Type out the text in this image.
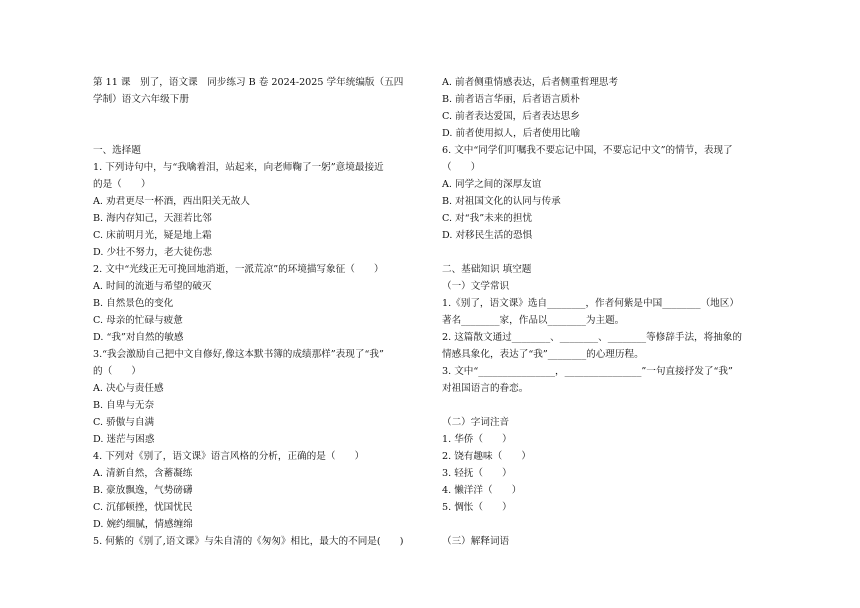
第 11 课　别了，语文课　同步练习 B 卷 2024-2025 学年统编版（五四
学制）语文六年级下册
一、选择题
1. 下列诗句中，与“我噙着泪，站起来，向老师鞠了一躬”意境最接近
的是（　　）
A. 劝君更尽一杯酒，西出阳关无故人
B. 海内存知己，天涯若比邻
C. 床前明月光，疑是地上霜
D. 少壮不努力，老大徒伤悲
2. 文中“光线正无可挽回地消逝，一派荒凉”的环境描写象征（　　）
A. 时间的流逝与希望的破灭
B. 自然景色的变化
C. 母亲的忙碌与疲惫
D. “我”对自然的敏感
3.“我会激励自己把中文自修好,像这本默书簿的成绩那样”表现了“我”
的（　　）
A. 决心与责任感
B. 自卑与无奈
C. 骄傲与自满
D. 迷茫与困惑
4. 下列对《别了，语文课》语言风格的分析，正确的是（　　）
A. 清新自然，含蓄凝练
B. 豪放飘逸，气势磅礴
C. 沉郁顿挫，忧国忧民
D. 婉约细腻，情感缠绵
5. 何紫的《别了,语文课》与朱自清的《匆匆》相比，最大的不同是(　　)
A. 前者侧重情感表达，后者侧重哲理思考
B. 前者语言华丽，后者语言质朴
C. 前者表达爱国，后者表达思乡
D. 前者使用拟人，后者使用比喻
6. 文中“同学们叮嘱我不要忘记中国，不要忘记中文”的情节，表现了
（　　）
A. 同学之间的深厚友谊
B. 对祖国文化的认同与传承
C. 对“我”未来的担忧
D. 对移民生活的恐惧
二、基础知识 填空题
（一）文学常识
1.《别了，语文课》选自________，作者何紫是中国________（地区）
著名________家，作品以________为主题。
2. 这篇散文通过________、________、________等修辞手法，将抽象的
情感具象化，表达了“我”________的心理历程。
3. 文中“________________，________________”一句直接抒发了“我”
对祖国语言的眷恋。
（二）字词注音
1. 华侨（　　）
2. 饶有趣味（　　）
3. 轻抚（　　）
4. 懒洋洋（　　）
5. 惆怅（　　）
（三）解释词语
